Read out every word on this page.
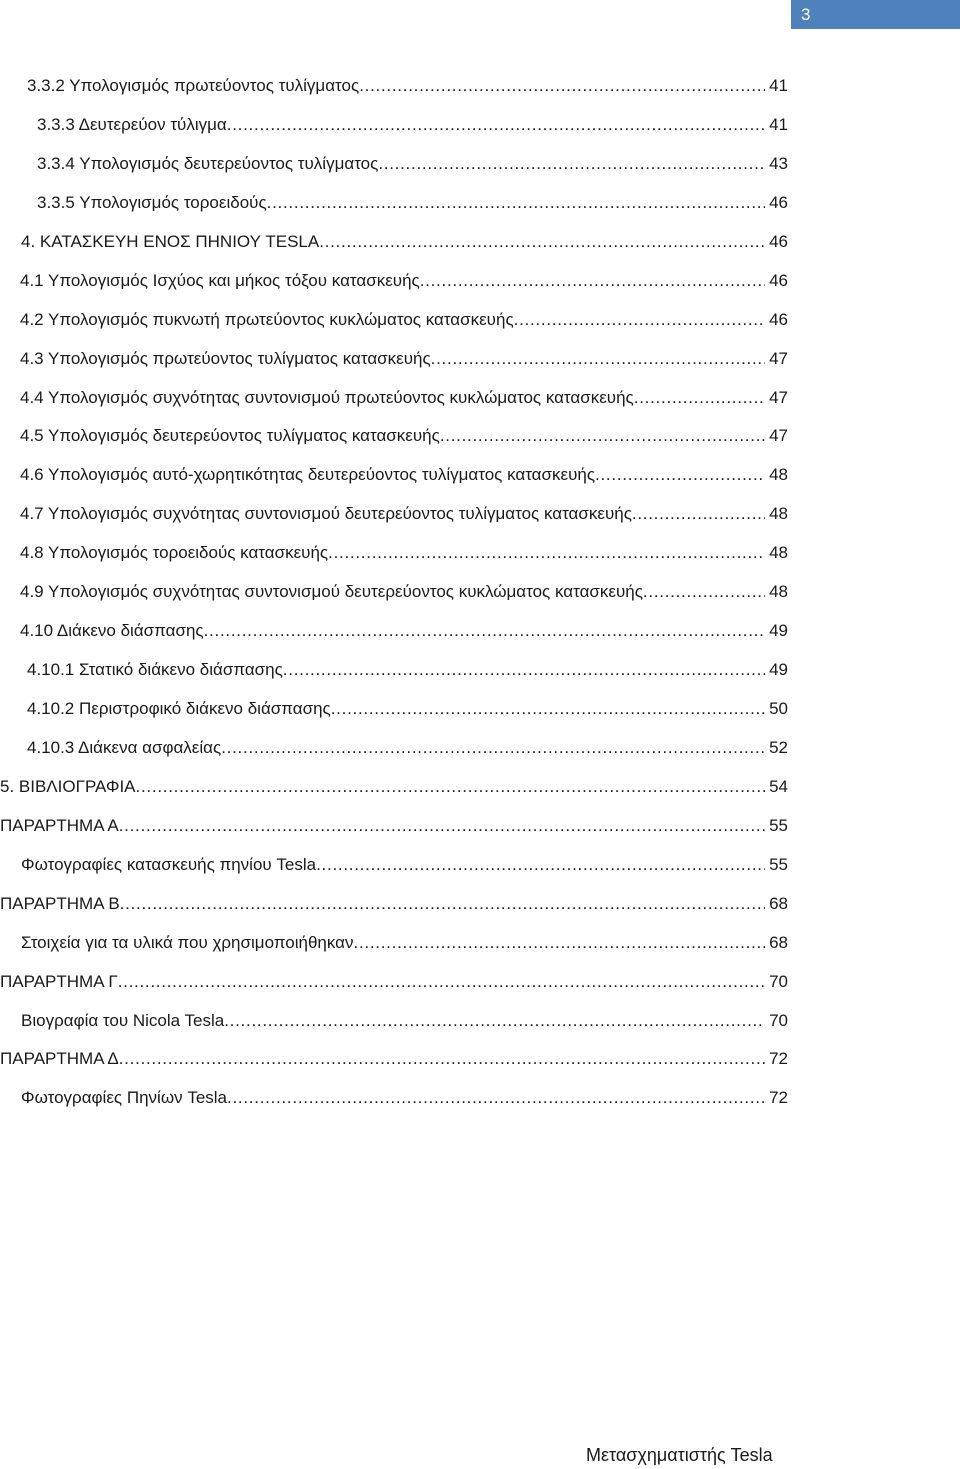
3
3.3.2 Υπολογισμός πρωτεύοντος τυλίγματος . . .	41
3.3.3 Δευτερεύον τύλιγμα . . .	41
3.3.4 Υπολογισμός δευτερεύοντος τυλίγματος . . .	43
3.3.5 Υπολογισμός τοροειδούς . . .	46
4. ΚΑΤΑΣΚΕΥΗ ΕΝΟΣ ΠΗΝΙΟΥ TESLA . . .	46
4.1 Υπολογισμός Ισχύος και μήκος τόξου κατασκευής . . .	46
4.2 Υπολογισμός πυκνωτή πρωτεύοντος κυκλώματος κατασκευής . . .	46
4.3 Υπολογισμός πρωτεύοντος τυλίγματος κατασκευής . . .	47
4.4 Υπολογισμός συχνότητας συντονισμού πρωτεύοντος κυκλώματος κατασκευής . . .	47
4.5 Υπολογισμός δευτερεύοντος τυλίγματος κατασκευής . . .	47
4.6 Υπολογισμός αυτό-χωρητικότητας δευτερεύοντος τυλίγματος κατασκευής . . .	48
4.7 Υπολογισμός συχνότητας συντονισμού δευτερεύοντος τυλίγματος κατασκευής . . .	48
4.8 Υπολογισμός τοροειδούς κατασκευής . . .	48
4.9 Υπολογισμός συχνότητας συντονισμού δευτερεύοντος κυκλώματος κατασκευής . . .	48
4.10 Διάκενο διάσπασης . . .	49
4.10.1 Στατικό διάκενο διάσπασης . . .	49
4.10.2 Περιστροφικό διάκενο διάσπασης . . .	50
4.10.3 Διάκενα ασφαλείας . . .	52
5. ΒΙΒΛΙΟΓΡΑΦΙΑ . . .	54
ΠΑΡΑΡΤΗΜΑ Α . . .	55
Φωτογραφίες κατασκευής πηνίου Tesla . . .	55
ΠΑΡΑΡΤΗΜΑ Β . . .	68
Στοιχεία για τα υλικά που χρησιμοποιήθηκαν . . .	68
ΠΑΡΑΡΤΗΜΑ Γ . . .	70
Βιογραφία του Nicola Tesla . . .	70
ΠΑΡΑΡΤΗΜΑ Δ . . .	72
Φωτογραφίες Πηνίων Tesla . . .	72
Μετασχηματιστής Tesla
